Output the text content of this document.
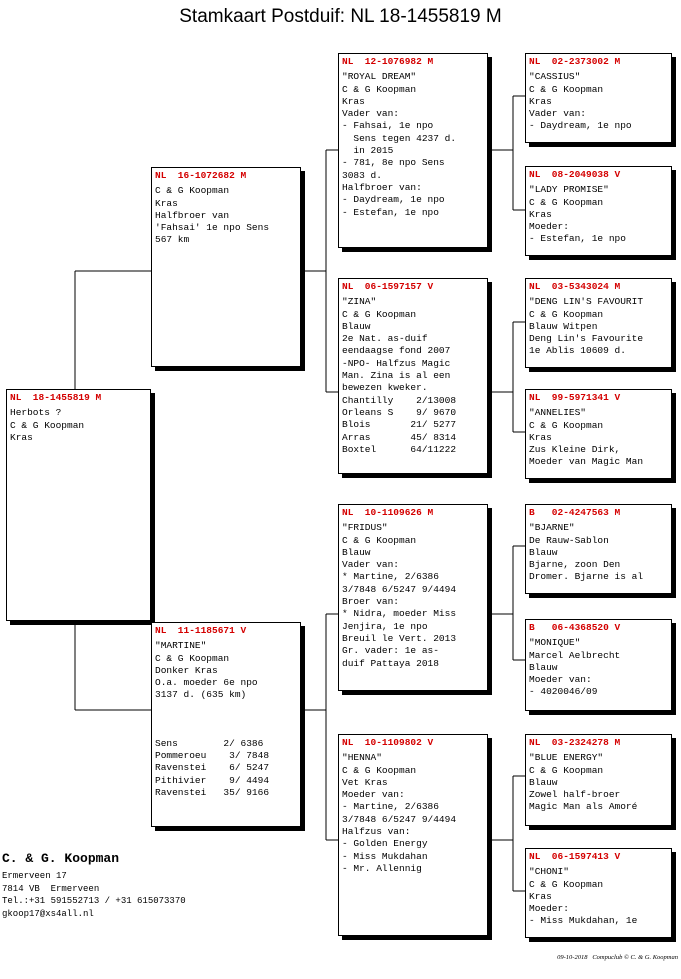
Stamkaart Postduif: NL 18-1455819 M
NL  18-1455819 M
Herbots ?
C & G Koopman
Kras
NL  16-1072682 M
C & G Koopman
Kras
Halfbroer van
'Fahsai' 1e npo Sens
567 km
NL  11-1185671 V
"MARTINE"
C & G Koopman
Donker Kras
O.a. moeder 6e npo
3137 d. (635 km)
Sens        2/ 6386
Pommeroeu    3/ 7848
Ravenstei    6/ 5247
Pithivier    9/ 4494
Ravenstei   35/ 9166
NL  12-1076982 M
"ROYAL DREAM"
C & G Koopman
Kras
Vader van:
- Fahsai, 1e npo
Sens tegen 4237 d.
in 2015
- 781, 8e npo Sens
3083 d.
Halfbroer van:
- Daydream, 1e npo
- Estefan, 1e npo
NL  06-1597157 V
"ZINA"
C & G Koopman
Blauw
2e Nat. as-duif
eendaagse fond 2007
-NPO- Halfzus Magic
Man. Zina is al een
bewezen kweker.
Chantilly    2/13008
Orleans S    9/ 9670
Blois       21/ 5277
Arras       45/ 8314
Boxtel      64/11222
NL  10-1109626 M
"FRIDUS"
C & G Koopman
Blauw
Vader van:
* Martine, 2/6386
3/7848 6/5247 9/4494
Broer van:
* Nidra, moeder Miss
Jenjira, 1e npo
Breuil le Vert. 2013
Gr. vader: 1e as-
duif Pattaya 2018
NL  10-1109802 V
"HENNA"
C & G Koopman
Vet Kras
Moeder van:
- Martine, 2/6386
3/7848 6/5247 9/4494
Halfzus van:
- Golden Energy
- Miss Mukdahan
- Mr. Allennig
NL  02-2373002 M
"CASSIUS"
C & G Koopman
Kras
Vader van:
- Daydream, 1e npo
NL  08-2049038 V
"LADY PROMISE"
C & G Koopman
Kras
Moeder:
- Estefan, 1e npo
NL  03-5343024 M
"DENG LIN'S FAVOURIT
C & G Koopman
Blauw Witpen
Deng Lin's Favourite
1e Ablis 10609 d.
NL  99-5971341 V
"ANNELIES"
C & G Koopman
Kras
Zus Kleine Dirk,
Moeder van Magic Man
B   02-4247563 M
"BJARNE"
De Rauw-Sablon
Blauw
Bjarne, zoon Den
Dromer. Bjarne is al
B   06-4368520 V
"MONIQUE"
Marcel Aelbrecht
Blauw
Moeder van:
- 4020046/09
NL  03-2324278 M
"BLUE ENERGY"
C & G Koopman
Blauw
Zowel half-broer
Magic Man als Amoré
NL  06-1597413 V
"CHONI"
C & G Koopman
Kras
Moeder:
- Miss Mukdahan, 1e
C. & G. Koopman
Ermerveen 17
7814 VB  Ermerveen
Tel.:+31 591552713 / +31 615073370
gkoop17@xs4all.nl
09-10-2018   Compuclub © C. & G. Koopman
